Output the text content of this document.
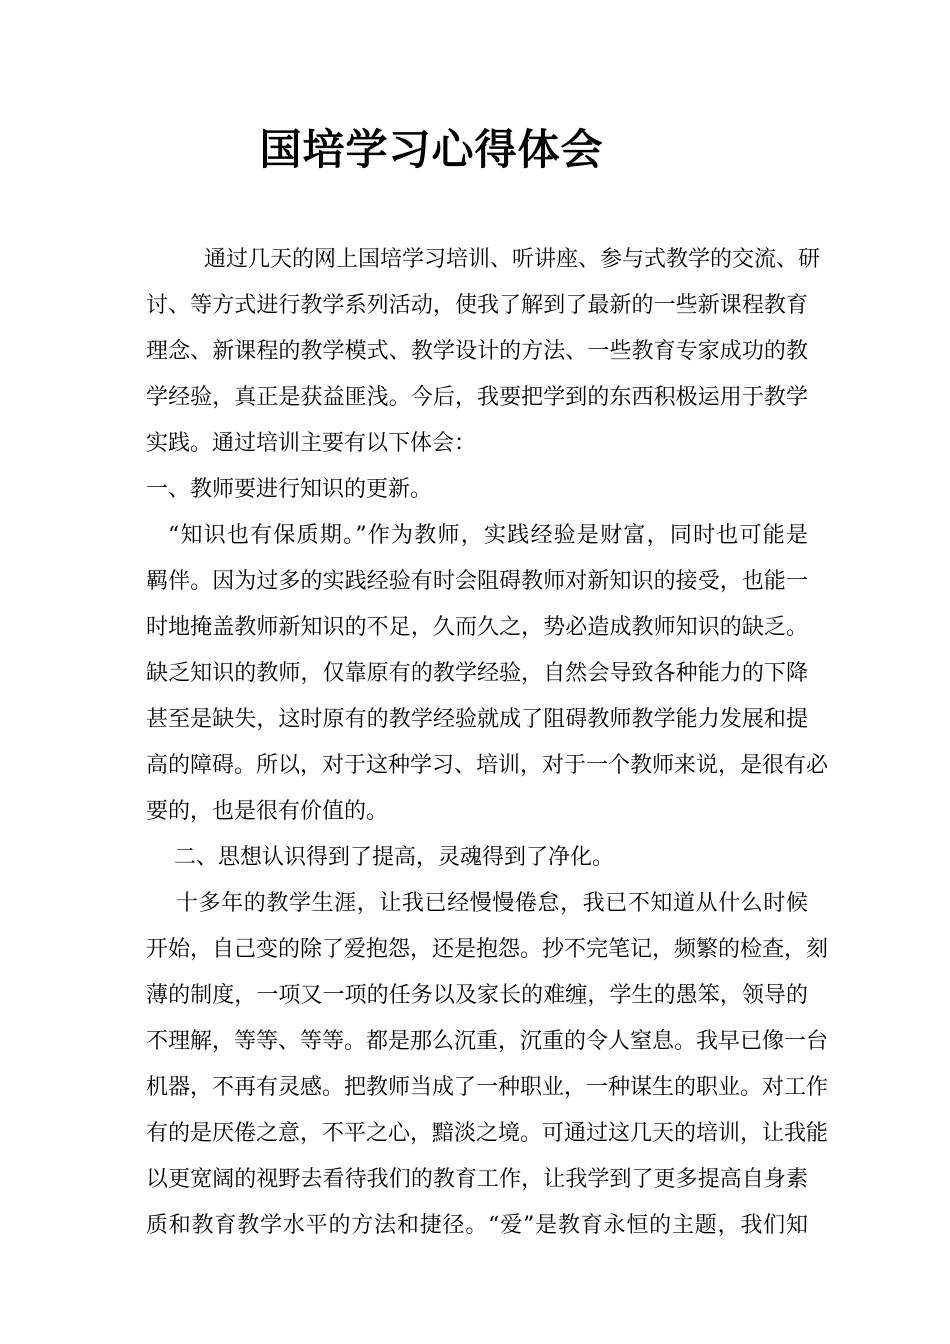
国培学习心得体会
通过几天的网上国培学习培训、听讲座、参与式教学的交流、研
讨、等方式进行教学系列活动，使我了解到了最新的一些新课程教育
理念、新课程的教学模式、教学设计的方法、一些教育专家成功的教
学经验，真正是获益匪浅。今后，我要把学到的东西积极运用于教学
实践。通过培训主要有以下体会：
一、教师要进行知识的更新。
“知识也有保质期。”作为教师，实践经验是财富，同时也可能是
羁伴。因为过多的实践经验有时会阻碍教师对新知识的接受，也能一
时地掩盖教师新知识的不足，久而久之，势必造成教师知识的缺乏。
缺乏知识的教师，仅靠原有的教学经验，自然会导致各种能力的下降
甚至是缺失，这时原有的教学经验就成了阻碍教师教学能力发展和提
高的障碍。所以，对于这种学习、培训，对于一个教师来说，是很有必
要的，也是很有价值的。
二、思想认识得到了提高，灵魂得到了净化。
十多年的教学生涯，让我已经慢慢倦怠，我已不知道从什么时候
开始，自己变的除了爱抱怨，还是抱怨。抄不完笔记，频繁的检查，刻
薄的制度，一项又一项的任务以及家长的难缠，学生的愚笨，领导的
不理解，等等、等等。都是那么沉重，沉重的令人窒息。我早已像一台
机器，不再有灵感。把教师当成了一种职业，一种谋生的职业。对工作
有的是厌倦之意，不平之心，黯淡之境。可通过这几天的培训，让我能
以更宽阔的视野去看待我们的教育工作，让我学到了更多提高自身素
质和教育教学水平的方法和捷径。“爱”是教育永恒的主题，我们知
